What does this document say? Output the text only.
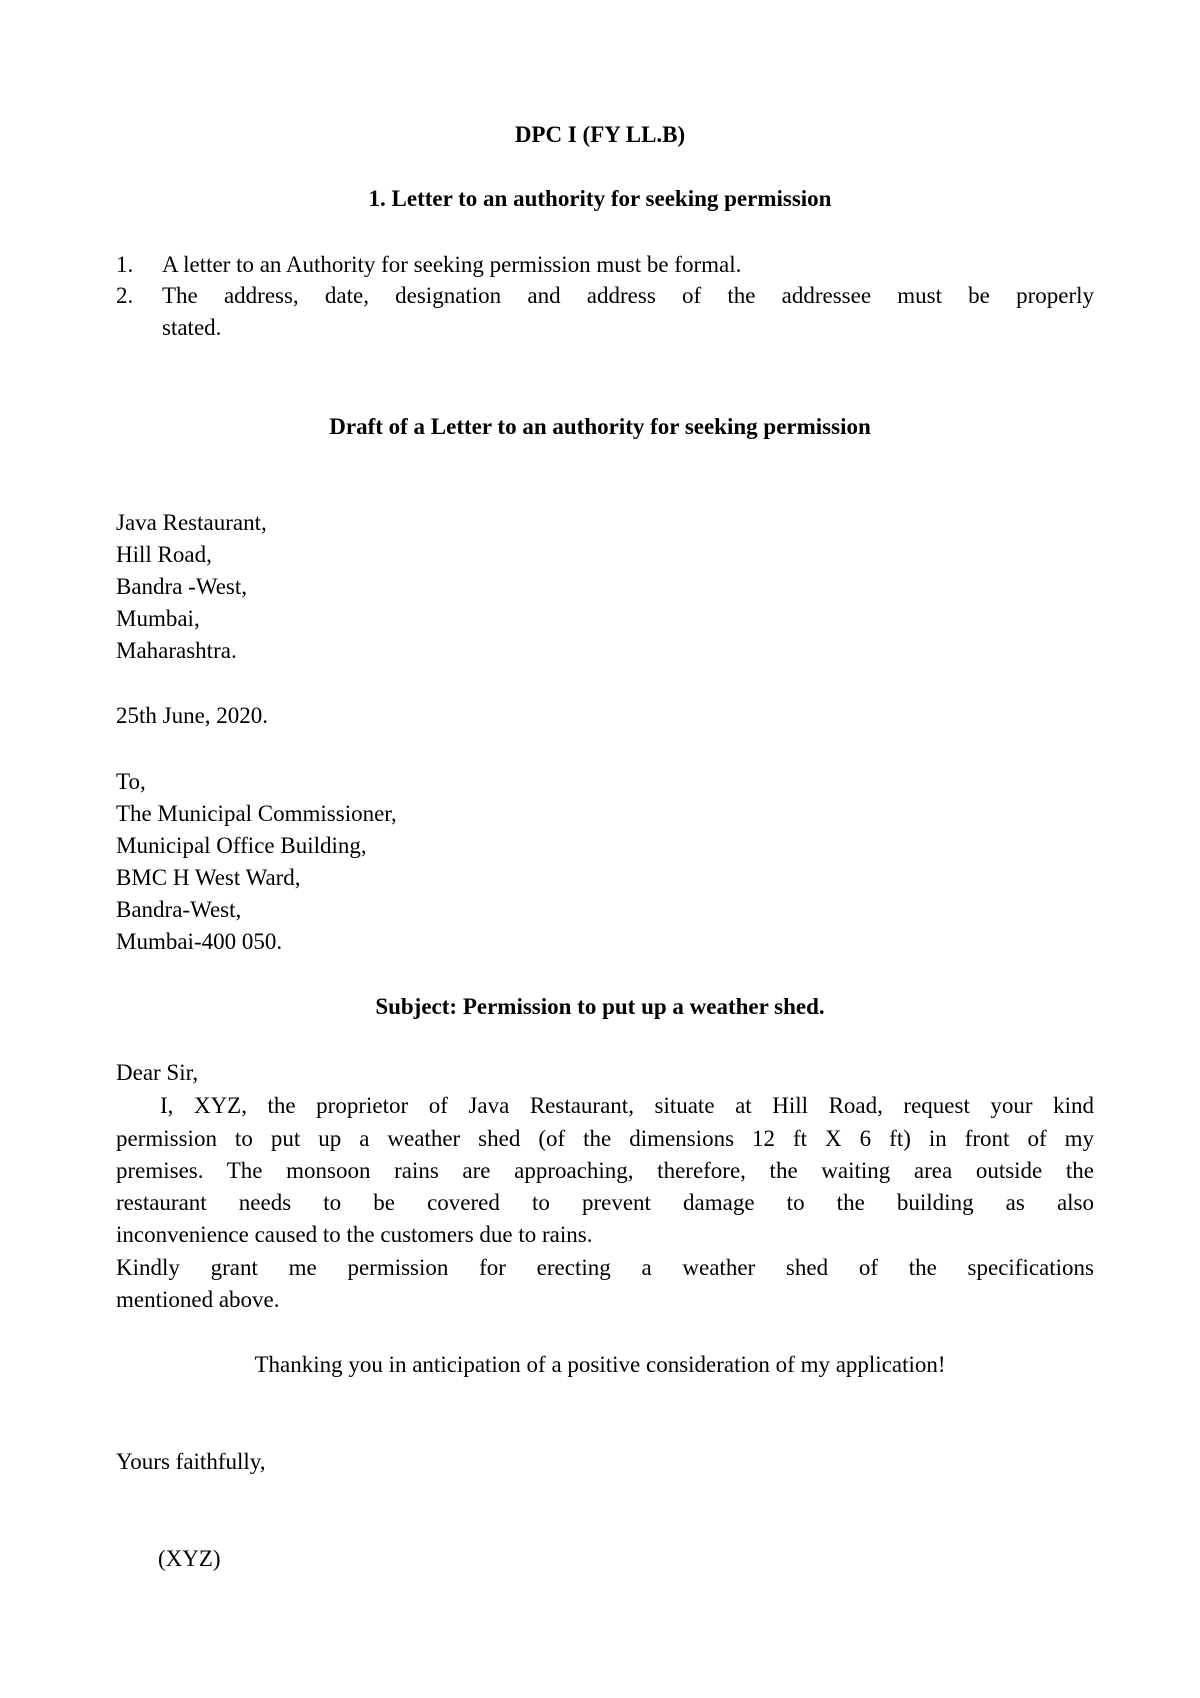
DPC I (FY LL.B)
1. Letter to an authority for seeking permission
1. A letter to an Authority for seeking permission must be formal.
2. The address, date, designation and address of the addressee must be properly
stated.
Draft of a Letter to an authority for seeking permission
Java Restaurant,
Hill Road,
Bandra -West,
Mumbai,
Maharashtra.
25th June, 2020.
To,
The Municipal Commissioner,
Municipal Office Building,
BMC H West Ward,
Bandra-West,
Mumbai-400 050.
Subject: Permission to put up a weather shed.
Dear Sir,
I, XYZ, the proprietor of Java Restaurant, situate at Hill Road, request your kind
permission to put up a weather shed (of the dimensions 12 ft X 6 ft) in front of my
premises. The monsoon rains are approaching, therefore, the waiting area outside the
restaurant needs to be covered to prevent damage to the building as also
inconvenience caused to the customers due to rains.
Kindly grant me permission for erecting a weather shed of the specifications
mentioned above.
Thanking you in anticipation of a positive consideration of my application!
Yours faithfully,
(XYZ)
